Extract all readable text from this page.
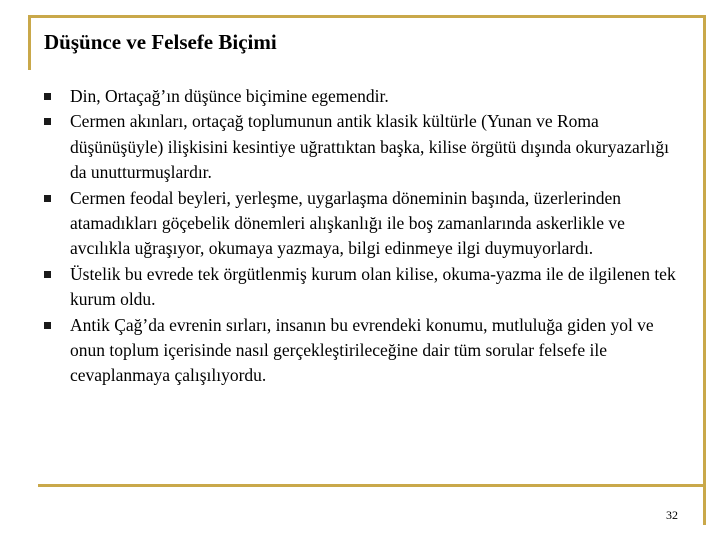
Düşünce ve Felsefe Biçimi
Din, Ortaçağ’ın düşünce biçimine egemendir.
Cermen akınları, ortaçağ toplumunun antik klasik kültürle (Yunan ve Roma düşünüşüyle) ilişkisini kesintiye uğrattıktan başka, kilise örgütü dışında okuryazarlığı da unutturmuşlardır.
Cermen feodal beyleri, yerleşme, uygarlaşma döneminin başında, üzerlerinden atamadıkları göçebelik dönemleri alışkanlığı ile boş zamanlarında askerlikle ve avcılıkla uğraşıyor, okumaya yazmaya, bilgi edinmeye ilgi duymuyorlardı.
Üstelik bu evrede tek örgütlenmiş kurum olan kilise, okuma-yazma ile de ilgilenen tek kurum oldu.
Antik Çağ’da evrenin sırları, insanın bu evrendeki konumu, mutluluğa giden yol ve onun toplum içerisinde nasıl gerçekleştirileceğine dair tüm sorular felsefe ile cevaplanmaya çalışılıyordu.
32
